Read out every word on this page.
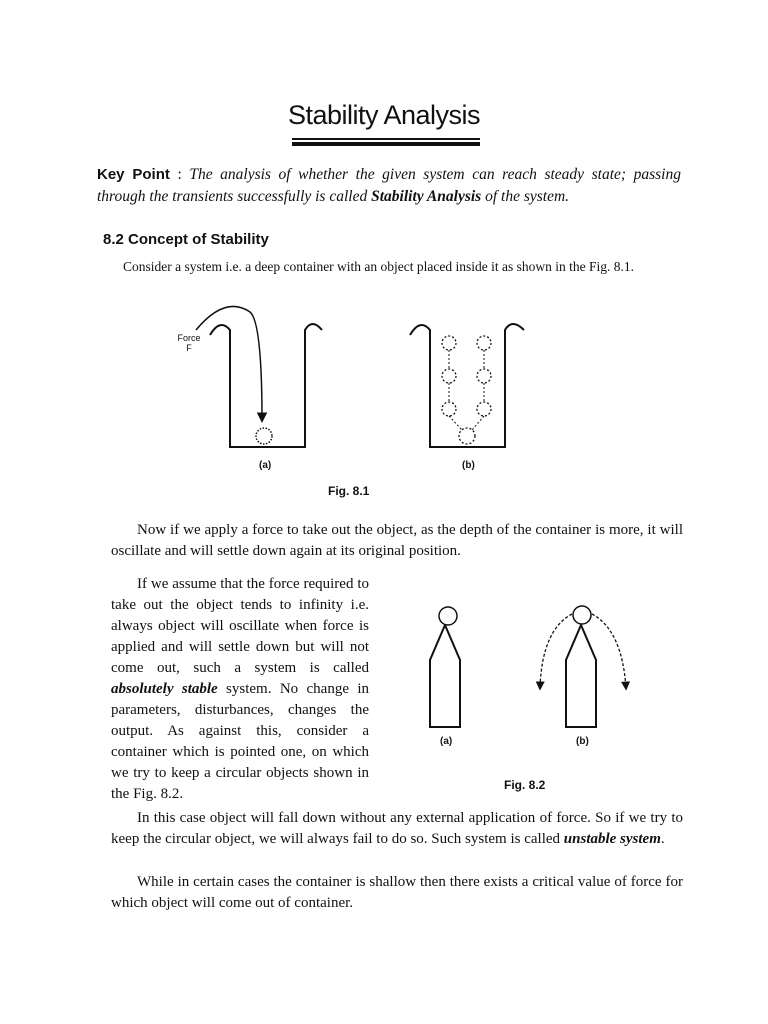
Stability Analysis
Key Point : The analysis of whether the given system can reach steady state; passing through the transients successfully is called Stability Analysis of the system.
8.2 Concept of Stability
Consider a system i.e. a deep container with an object placed inside it as shown in the Fig. 8.1.
Force
F
(a)	(b)
Fig. 8.1
Now if we apply a force to take out the object, as the depth of the container is more, it will oscillate and will settle down again at its original position.
If we assume that the force required to take out the object tends to infinity i.e. always object will oscillate when force is applied and will settle down but will not come out, such a system is called absolutely stable system. No change in parameters, disturbances, changes the output. As against this, consider a container which is pointed one, on which we try to keep a circular objects shown in the Fig. 8.2.
(a)	(b)
Fig. 8.2
In this case object will fall down without any external application of force. So if we try to keep the circular object, we will always fail to do so. Such system is called unstable system.
While in certain cases the container is shallow then there exists a critical value of force for which object will come out of container.
